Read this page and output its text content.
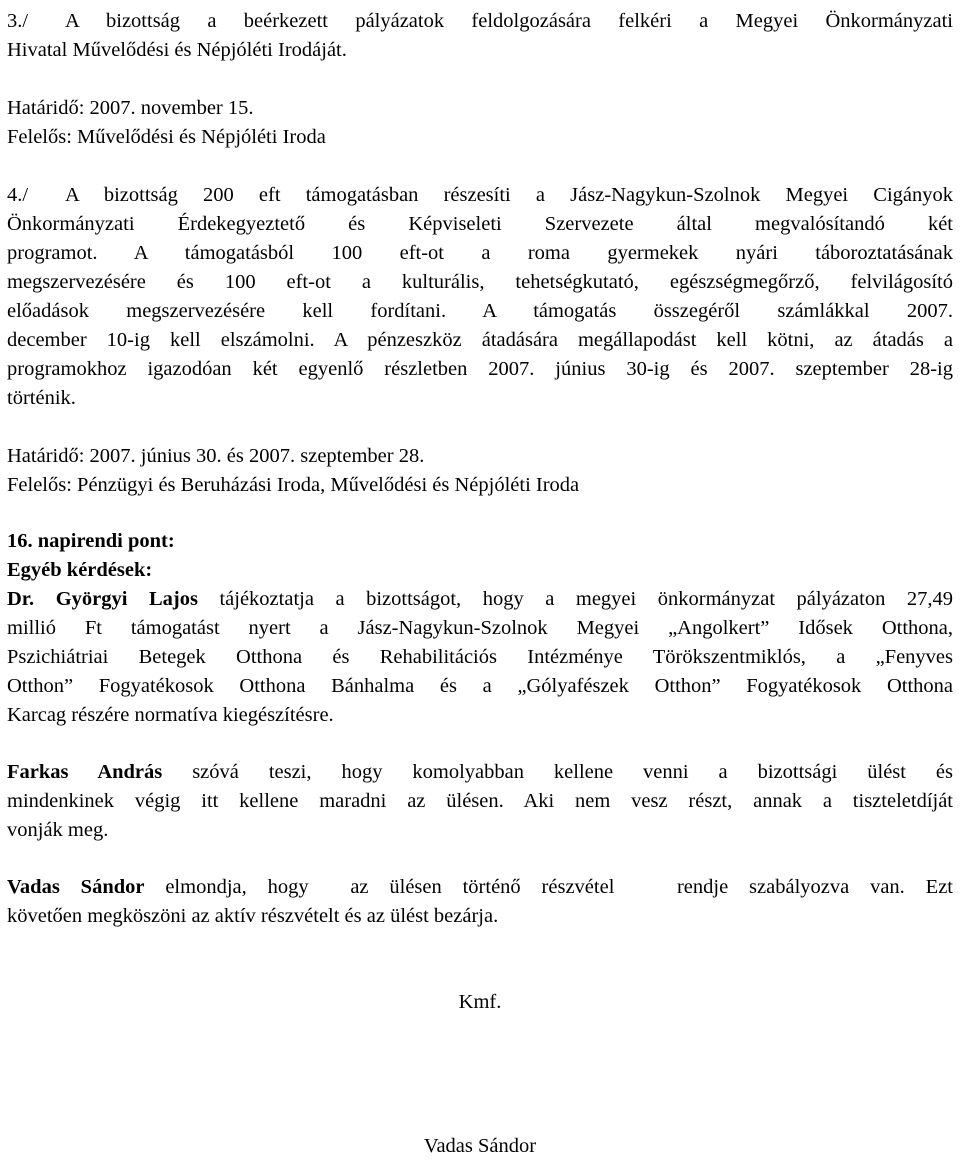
3./ A bizottság a beérkezett pályázatok feldolgozására felkéri a Megyei Önkormányzati
Hivatal Művelődési és Népjóléti Irodáját.
Határidő: 2007. november 15.
Felelős: Művelődési és Népjóléti Iroda
4./ A bizottság 200 eft támogatásban részesíti a Jász-Nagykun-Szolnok Megyei Cigányok
Önkormányzati Érdekegyeztető és Képviseleti Szervezete által megvalósítandó két
programot. A támogatásból 100 eft-ot a roma gyermekek nyári táboroztatásának
megszervezésére és 100 eft-ot a kulturális, tehetségkutató, egészségmegőrző, felvilágosító
előadások megszervezésére kell fordítani. A támogatás összegéről számlákkal 2007.
december 10-ig kell elszámolni. A pénzeszköz átadására megállapodást kell kötni, az átadás a
programokhoz igazodóan két egyenlő részletben 2007. június 30-ig és 2007. szeptember 28-ig
történik.
Határidő: 2007. június 30. és 2007. szeptember 28.
Felelős: Pénzügyi és Beruházási Iroda, Művelődési és Népjóléti Iroda
16. napirendi pont:
Egyéb kérdések:
Dr. Györgyi Lajos tájékoztatja a bizottságot, hogy a megyei önkormányzat pályázaton 27,49
millió Ft támogatást nyert a Jász-Nagykun-Szolnok Megyei „Angolkert” Idősek Otthona,
Pszichiátriai Betegek Otthona és Rehabilitációs Intézménye Törökszentmiklós, a „Fenyves
Otthon” Fogyatékosok Otthona Bánhalma és a „Gólyafészek Otthon” Fogyatékosok Otthona
Karcag részére normatíva kiegészítésre.
Farkas András szóvá teszi, hogy komolyabban kellene venni a bizottsági ülést és
mindenkinek végig itt kellene maradni az ülésen. Aki nem vesz részt, annak a tiszteletdíját
vonják meg.
Vadas Sándor elmondja, hogy  az ülésen történő részvétel   rendje szabályozva van. Ezt
követően megköszöni az aktív részvételt és az ülést bezárja.
Kmf.
Vadas Sándor
